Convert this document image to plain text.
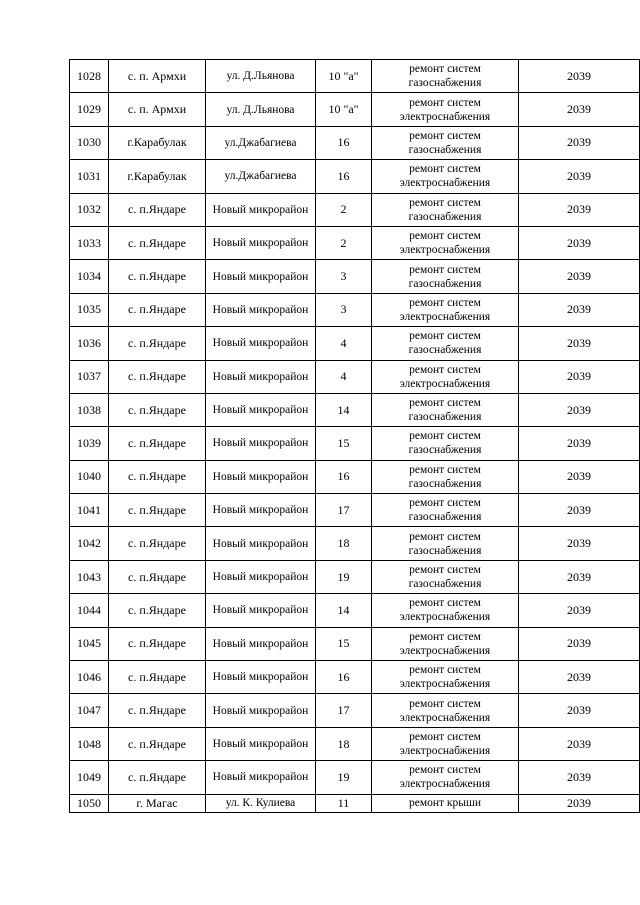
1028	с. п. Армхи	ул. Д.Льянова	10 "а"	ремонт систем газоснабжения	2039
1029	с. п. Армхи	ул. Д.Льянова	10 "а"	ремонт систем электроснабжения	2039
1030	г.Карабулак	ул.Джабагиева	16	ремонт систем газоснабжения	2039
1031	г.Карабулак	ул.Джабагиева	16	ремонт систем электроснабжения	2039
1032	с. п.Яндаре	Новый микрорайон	2	ремонт систем газоснабжения	2039
1033	с. п.Яндаре	Новый микрорайон	2	ремонт систем электроснабжения	2039
1034	с. п.Яндаре	Новый микрорайон	3	ремонт систем газоснабжения	2039
1035	с. п.Яндаре	Новый микрорайон	3	ремонт систем электроснабжения	2039
1036	с. п.Яндаре	Новый микрорайон	4	ремонт систем газоснабжения	2039
1037	с. п.Яндаре	Новый микрорайон	4	ремонт систем электроснабжения	2039
1038	с. п.Яндаре	Новый микрорайон	14	ремонт систем газоснабжения	2039
1039	с. п.Яндаре	Новый микрорайон	15	ремонт систем газоснабжения	2039
1040	с. п.Яндаре	Новый микрорайон	16	ремонт систем газоснабжения	2039
1041	с. п.Яндаре	Новый микрорайон	17	ремонт систем газоснабжения	2039
1042	с. п.Яндаре	Новый микрорайон	18	ремонт систем газоснабжения	2039
1043	с. п.Яндаре	Новый микрорайон	19	ремонт систем газоснабжения	2039
1044	с. п.Яндаре	Новый микрорайон	14	ремонт систем электроснабжения	2039
1045	с. п.Яндаре	Новый микрорайон	15	ремонт систем электроснабжения	2039
1046	с. п.Яндаре	Новый микрорайон	16	ремонт систем электроснабжения	2039
1047	с. п.Яндаре	Новый микрорайон	17	ремонт систем электроснабжения	2039
1048	с. п.Яндаре	Новый микрорайон	18	ремонт систем электроснабжения	2039
1049	с. п.Яндаре	Новый микрорайон	19	ремонт систем электроснабжения	2039
1050	г. Магас	ул. К. Кулиева	11	ремонт крыши	2039
